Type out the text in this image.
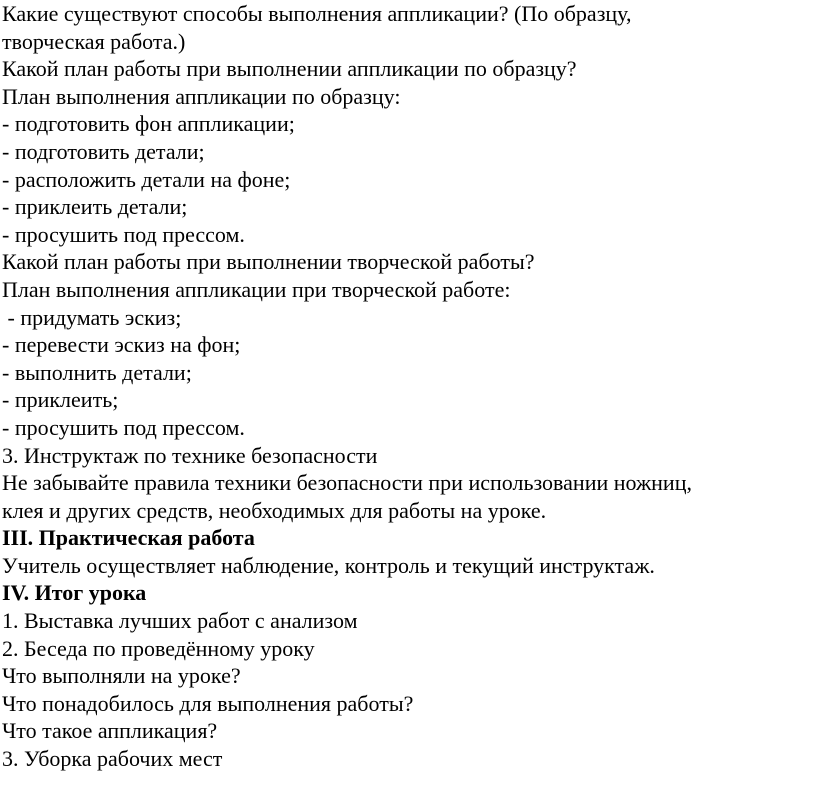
Какие существуют способы выполнения аппликации? (По образцу,
творческая работа.)
Какой план работы при выполнении аппликации по образцу?
План выполнения аппликации по образцу:
- подготовить фон аппликации;
- подготовить детали;
- расположить детали на фоне;
- приклеить детали;
- просушить под прессом.
Какой план работы при выполнении творческой работы?
План выполнения аппликации при творческой работе:
- придумать эскиз;
- перевести эскиз на фон;
- выполнить детали;
- приклеить;
- просушить под прессом.
3. Инструктаж по технике безопасности
Не забывайте правила техники безопасности при использовании ножниц,
клея и других средств, необходимых для работы на уроке.
III. Практическая работа
Учитель осуществляет наблюдение, контроль и текущий инструктаж.
IV. Итог урока
1. Выставка лучших работ с анализом
2. Беседа по проведённому уроку
Что выполняли на уроке?
Что понадобилось для выполнения работы?
Что такое аппликация?
3. Уборка рабочих мест
